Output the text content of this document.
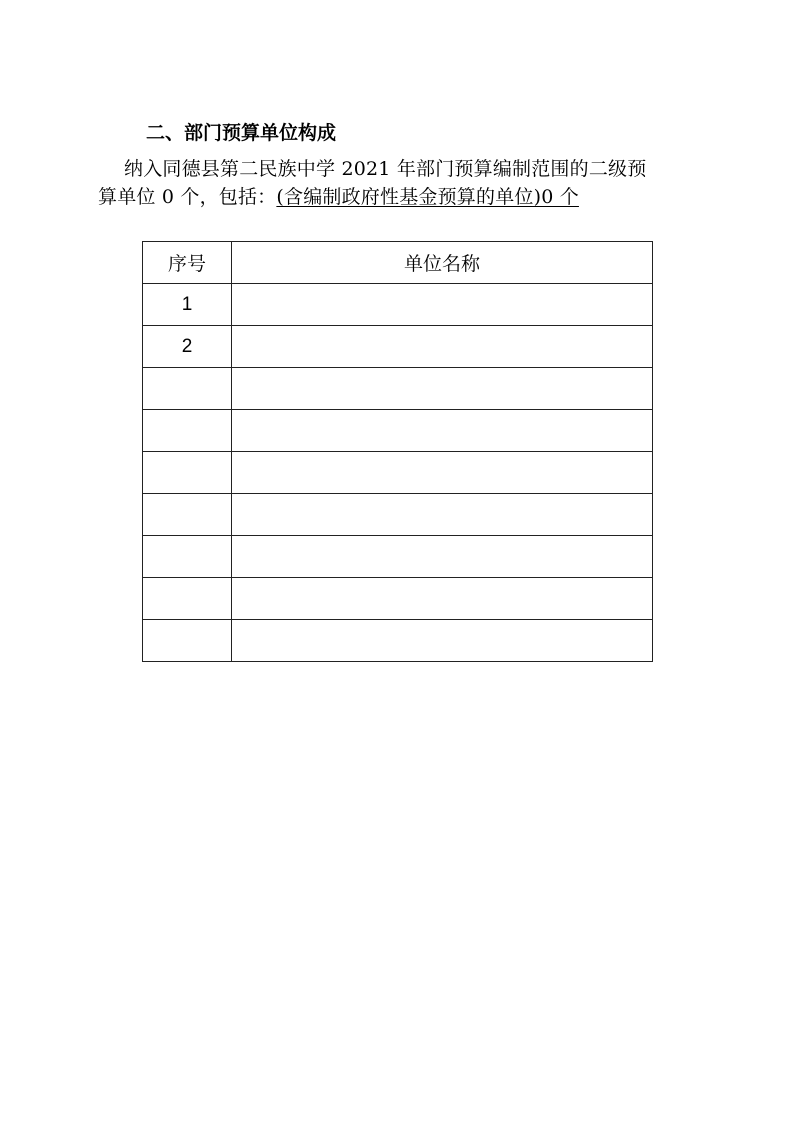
二、部门预算单位构成
纳入同德县第二民族中学 2021 年部门预算编制范围的二级预
算单位 0 个，包括：(含编制政府性基金预算的单位)0 个
序号	单位名称
1	
2	
